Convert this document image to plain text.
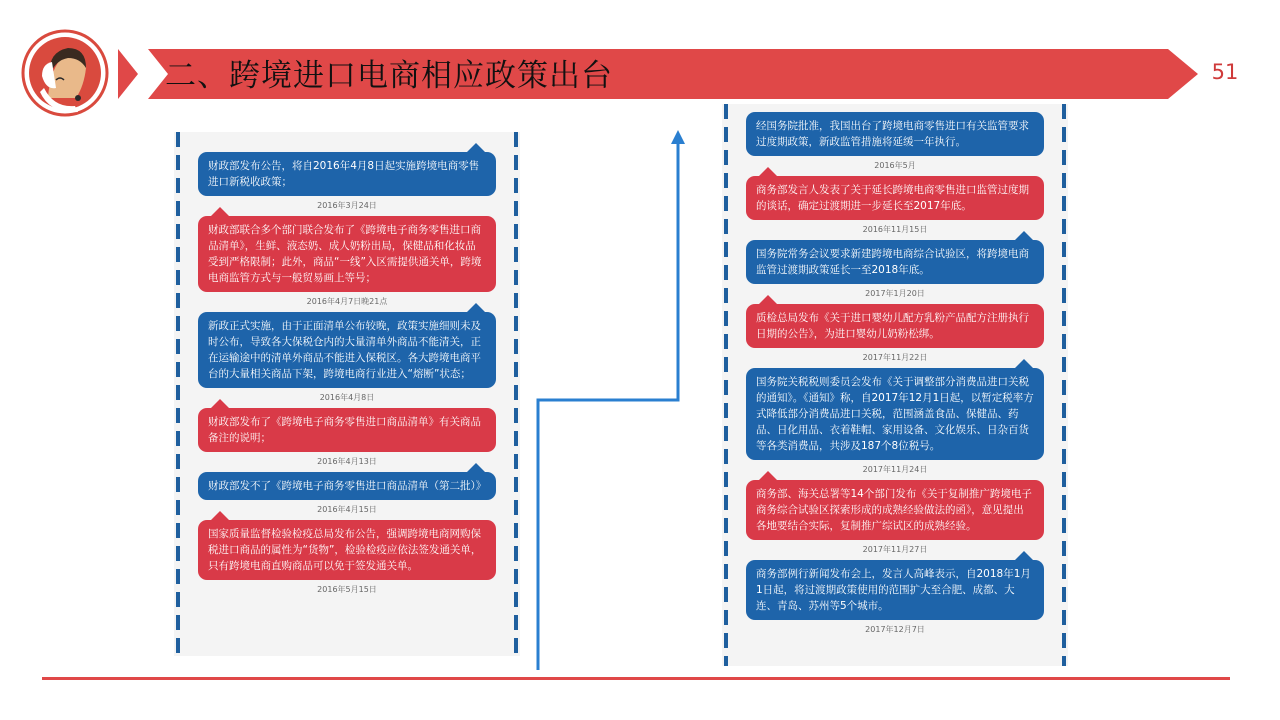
二、跨境进口电商相应政策出台	51
财政部发布公告，将自2016年4月8日起实施跨境电商零售进口新税收政策；
2016年3月24日
财政部联合多个部门联合发布了《跨境电子商务零售进口商品清单》，生鲜、液态奶、成人奶粉出局，保健品和化妆品受到严格限制；此外，商品“一线”入区需提供通关单，跨境电商监管方式与一般贸易画上等号；
2016年4月7日晚21点
新政正式实施，由于正面清单公布较晚，政策实施细则未及时公布，导致各大保税仓内的大量清单外商品不能清关，正在运输途中的清单外商品不能进入保税区。各大跨境电商平台的大量相关商品下架，跨境电商行业进入“熔断”状态；
2016年4月8日
财政部发布了《跨境电子商务零售进口商品清单》有关商品备注的说明；
2016年4月13日
财政部发不了《跨境电子商务零售进口商品清单（第二批）》
2016年4月15日
国家质量监督检验检疫总局发布公告，强调跨境电商网购保税进口商品的属性为“货物”，检验检疫应依法签发通关单，只有跨境电商直购商品可以免于签发通关单。
2016年5月15日
经国务院批准，我国出台了跨境电商零售进口有关监管要求过度期政策，新政监管措施将延缓一年执行。
2016年5月
商务部发言人发表了关于延长跨境电商零售进口监管过度期的谈话，确定过渡期进一步延长至2017年底。
2016年11月15日
国务院常务会议要求新建跨境电商综合试验区，将跨境电商监管过渡期政策延长一至2018年底。
2017年1月20日
质检总局发布《关于进口婴幼儿配方乳粉产品配方注册执行日期的公告》，为进口婴幼儿奶粉松绑。
2017年11月22日
国务院关税税则委员会发布《关于调整部分消费品进口关税的通知》。《通知》称，自2017年12月1日起，以暂定税率方式降低部分消费品进口关税，范围涵盖食品、保健品、药品、日化用品、衣着鞋帽、家用设备、文化娱乐、日杂百货等各类消费品，共涉及187个8位税号。
2017年11月24日
商务部、海关总署等14个部门发布《关于复制推广跨境电子商务综合试验区探索形成的成熟经验做法的函》，意见提出各地要结合实际，复制推广综试区的成熟经验。
2017年11月27日
商务部例行新闻发布会上，发言人高峰表示，自2018年1月1日起，将过渡期政策使用的范围扩大至合肥、成都、大连、青岛、苏州等5个城市。
2017年12月7日
